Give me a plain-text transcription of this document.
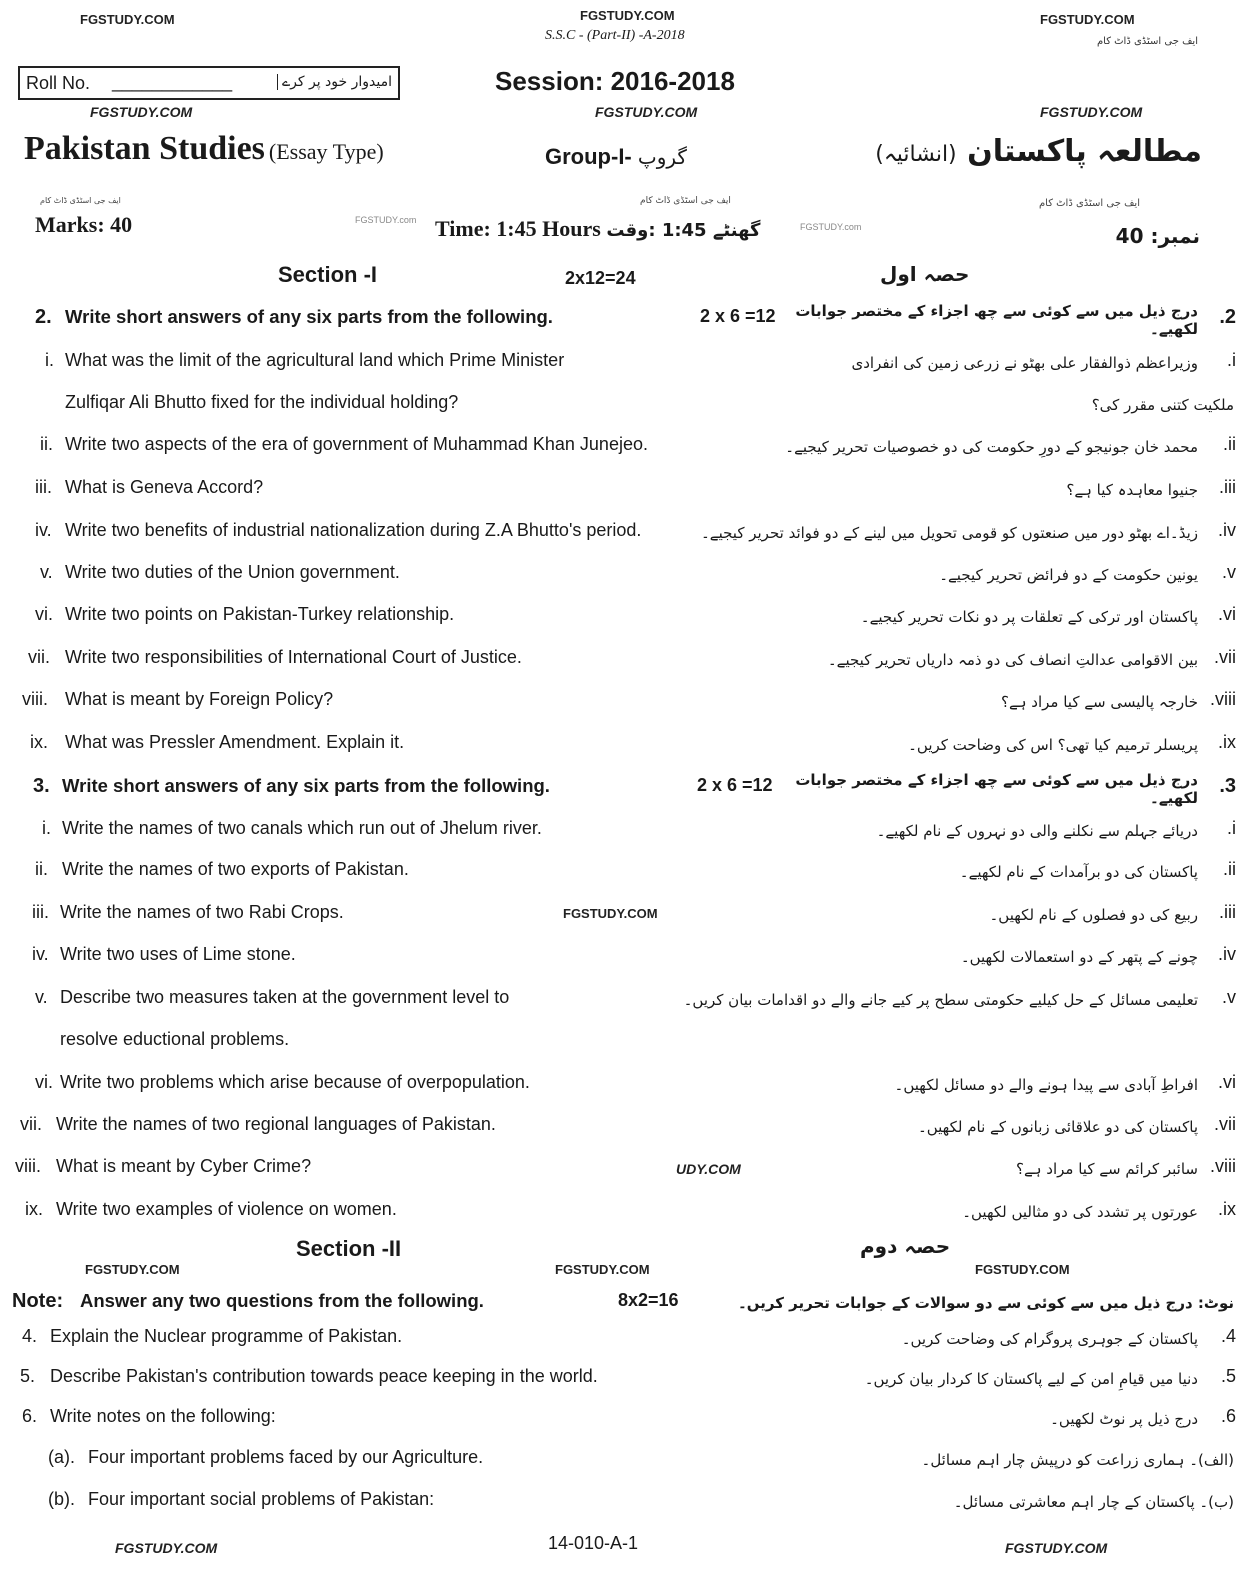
FGSTUDY.COM	FGSTUDY.COM	FGSTUDY.COM
S.S.C - (Part-II) -A-2018	ایف جی اسٹڈی ڈاٹ کام
Roll No. ____________	امیدوار خود پر کرے	Session: 2016-2018
FGSTUDY.COM	FGSTUDY.COM	FGSTUDY.COM
Pakistan Studies (Essay Type)	Group-I- گروپ	مطالعہ پاکستان (انشائیہ)
ایف جی اسٹڈی ڈاٹ کام	ایف جی اسٹڈی ڈاٹ کام	ایف جی اسٹڈی ڈاٹ کام
Marks: 40	FGSTUDY.com Time: 1:45 Hours گھنٹے 1:45 :وقت	FGSTUDY.com	نمبر: 40
Section -I	2x12=24	حصہ اول
Section -II	حصہ دوم
FGSTUDY.COM	FGSTUDY.COM	FGSTUDY.COM
FGSTUDY.COM
UDY.COM
2. Write short answers of any six parts from the following.	2 x 6 =12	درج ذیل میں سے کوئی سے چھ اجزاء کے مختصر جوابات لکھیے۔
.2
i. What was the limit of the agricultural land which Prime Minister	وزیراعظم ذوالفقار علی بھٹو نے زرعی زمین کی انفرادی .i
Zulfiqar Ali Bhutto fixed for the individual holding?	ملکیت کتنی مقرر کی؟
ii. Write two aspects of the era of government of Muhammad Khan Junejeo.	محمد خان جونیجو کے دورِ حکومت کی دو خصوصیات تحریر کیجیے۔ .ii
iii. What is Geneva Accord?	جنیوا معاہدہ کیا ہے؟ .iii
iv. Write two benefits of industrial nationalization during Z.A Bhutto's period.	زیڈ۔اے بھٹو دور میں صنعتوں کو قومی تحویل میں لینے کے دو فوائد تحریر کیجیے۔ .iv
v. Write two duties of the Union government.	یونین حکومت کے دو فرائض تحریر کیجیے۔ .v
vi. Write two points on Pakistan-Turkey relationship.	پاکستان اور ترکی کے تعلقات پر دو نکات تحریر کیجیے۔ .vi
vii. Write two responsibilities of International Court of Justice.	بین الاقوامی عدالتِ انصاف کی دو ذمہ داریاں تحریر کیجیے۔ .vii
viii. What is meant by Foreign Policy?	خارجہ پالیسی سے کیا مراد ہے؟ .viii
ix. What was Pressler Amendment. Explain it.	پریسلر ترمیم کیا تھی؟ اس کی وضاحت کریں۔ .ix
3. Write short answers of any six parts from the following.	2 x 6 =12	درج ذیل میں سے کوئی سے چھ اجزاء کے مختصر جوابات لکھیے۔
.3
i. Write the names of two canals which run out of Jhelum river.	دریائے جہلم سے نکلنے والی دو نہروں کے نام لکھیے۔ .i
ii. Write the names of two exports of Pakistan.	پاکستان کی دو برآمدات کے نام لکھیے۔ .ii
iii. Write the names of two Rabi Crops.	ربیع کی دو فصلوں کے نام لکھیں۔ .iii
iv. Write two uses of Lime stone.	چونے کے پتھر کے دو استعمالات لکھیں۔ .iv
v. Describe two measures taken at the government level to	تعلیمی مسائل کے حل کیلیے حکومتی سطح پر کیے جانے والے دو اقدامات بیان کریں۔ .v
resolve eductional problems.
vi. Write two problems which arise because of overpopulation.	افراطِ آبادی سے پیدا ہونے والے دو مسائل لکھیں۔ .vi
vii. Write the names of two regional languages of Pakistan.	پاکستان کی دو علاقائی زبانوں کے نام لکھیں۔ .vii
viii. What is meant by Cyber Crime?	سائبر کرائم سے کیا مراد ہے؟ .viii
ix. Write two examples of violence on women.	عورتوں پر تشدد کی دو مثالیں لکھیں۔ .ix
Note: Answer any two questions from the following.	8x2=16	نوٹ: درج ذیل میں سے کوئی سے دو سوالات کے جوابات تحریر کریں۔
4. Explain the Nuclear programme of Pakistan.	پاکستان کے جوہری پروگرام کی وضاحت کریں۔ .4
5. Describe Pakistan's contribution towards peace keeping in the world.	دنیا میں قیامِ امن کے لیے پاکستان کا کردار بیان کریں۔ .5
6. Write notes on the following:	درج ذیل پر نوٹ لکھیں۔ .6
(a). Four important problems faced by our Agriculture.	(الف)۔ ہماری زراعت کو درپیش چار اہم مسائل۔
(b). Four important social problems of Pakistan:	(ب)۔ پاکستان کے چار اہم معاشرتی مسائل۔
FGSTUDY.COM	14-010-A-1	FGSTUDY.COM
